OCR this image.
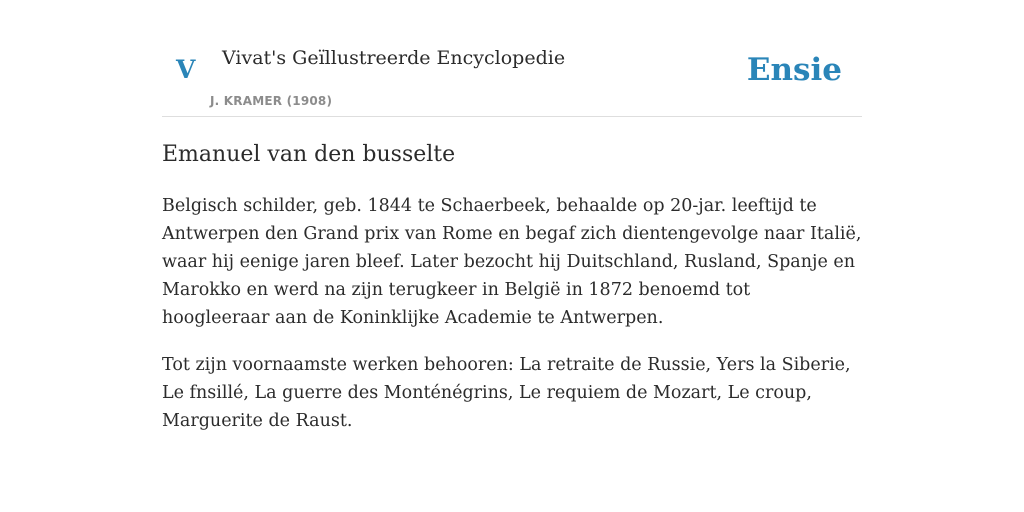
V Vivat's Geïllustreerde Encyclopedie
J. KRAMER (1908)
Ensie
Emanuel van den busselte

Belgisch schilder, geb. 1844 te Schaerbeek, behaalde op 20-jar. leeftijd te Antwerpen den Grand prix van Rome en begaf zich dientengevolge naar Italië, waar hij eenige jaren bleef. Later bezocht hij Duitschland, Rusland, Spanje en Marokko en werd na zijn terugkeer in België in 1872 benoemd tot hoogleeraar aan de Koninklijke Academie te Antwerpen.

Tot zijn voornaamste werken behooren: La retraite de Russie, Yers la Siberie, Le fnsillé, La guerre des Monténégrins, Le requiem de Mozart, Le croup, Marguerite de Raust.
